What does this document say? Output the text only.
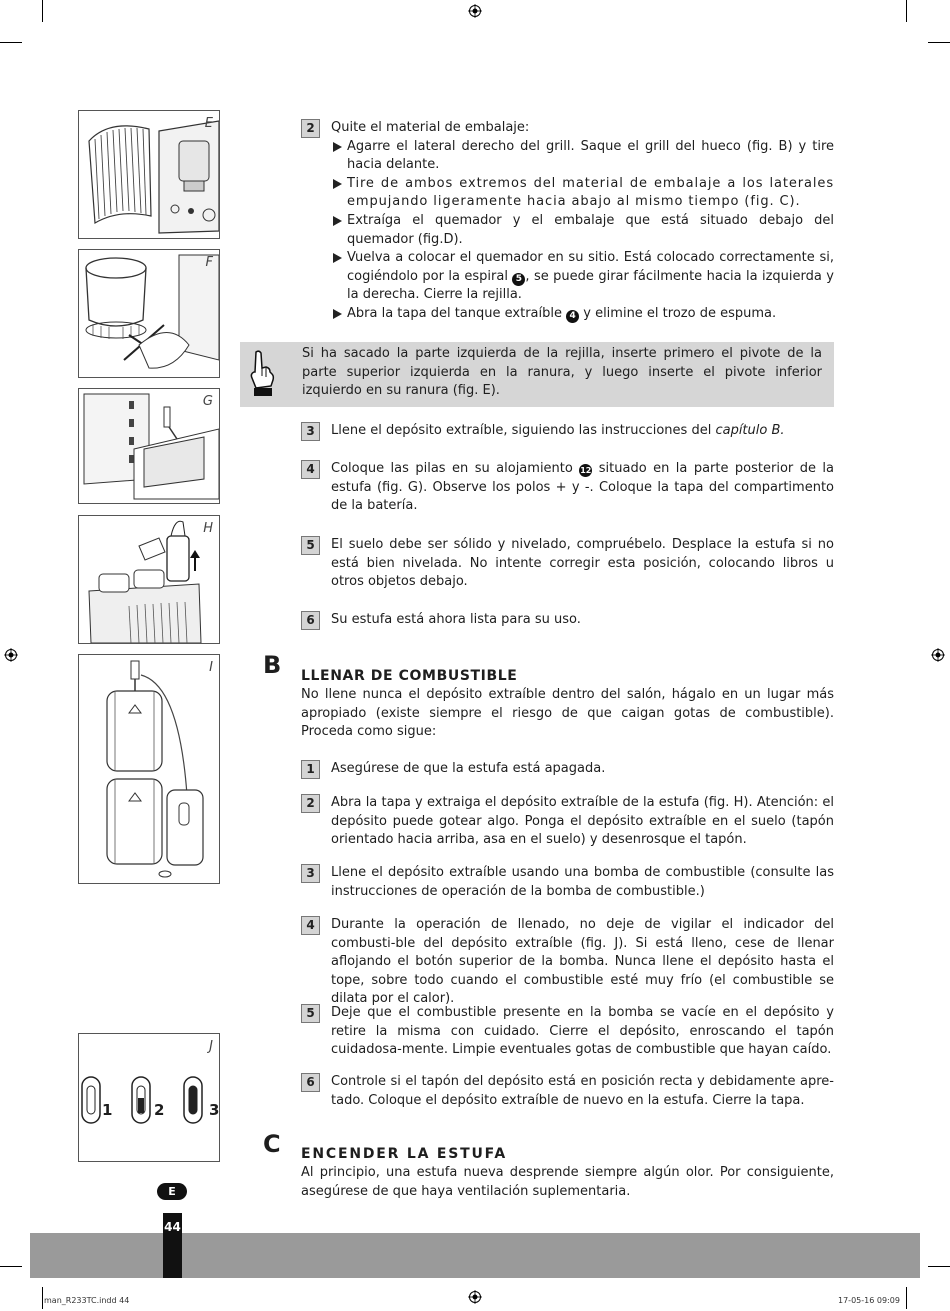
E
F
G
H
I
1	2	3
J
2	Quite el material de embalaje:
Agarre el lateral derecho del grill. Saque el grill del hueco (fig. B) y tire hacia delante.
Tire de ambos extremos del material de embalaje a los laterales empujando ligeramente hacia abajo al mismo tiempo (fig. C).
Extraíga el quemador y el embalaje que está situado debajo del quemador (fig.D).
Vuelva a colocar el quemador en su sitio. Está colocado correctamente si, cogiéndolo por la espiral 5 , se puede girar fácilmente hacia la izquierda y la derecha. Cierre la rejilla.
Abra la tapa del tanque extraíble 4 y elimine el trozo de espuma.
Si ha sacado la parte izquierda de la rejilla, inserte primero el pivote de la parte superior izquierda en la ranura, y luego inserte el pivote inferior izquierdo en su ranura (fig. E).
3	Llene el depósito extraíble, siguiendo las instrucciones del capítulo B.
4	Coloque las pilas en su alojamiento 12 situado en la parte posterior de la estufa (fig. G). Observe los polos + y -. Coloque la tapa del compartimento de la batería.
5	El suelo debe ser sólido y nivelado, compruébelo. Desplace la estufa si no está bien nivelada. No intente corregir esta posición, colocando libros u otros objetos debajo.
6	Su estufa está ahora lista para su uso.
B LLENAR DE COMBUSTIBLE
No llene nunca el depósito extraíble dentro del salón, hágalo en un lugar más apropiado (existe siempre el riesgo de que caigan gotas de combustible). Proceda como sigue:
1	Asegúrese de que la estufa está apagada.
2	Abra la tapa y extraiga el depósito extraíble de la estufa (fig. H). Atención: el depósito puede gotear algo. Ponga el depósito extraíble en el suelo (tapón orientado hacia arriba, asa en el suelo) y desenrosque el tapón.
3	Llene el depósito extraíble usando una bomba de combustible (consulte las instrucciones de operación de la bomba de combustible.)
4	Durante la operación de llenado, no deje de vigilar el indicador del combusti-ble del depósito extraíble (fig. J). Si está lleno, cese de llenar aflojando el botón superior de la bomba. Nunca llene el depósito hasta el tope, sobre todo cuando el combustible esté muy frío (el combustible se dilata por el calor).
5	Deje que el combustible presente en la bomba se vacíe en el depósito y retire la misma con cuidado. Cierre el depósito, enroscando el tapón cuidadosa-mente. Limpie eventuales gotas de combustible que hayan caído.
6	Controle si el tapón del depósito está en posición recta y debidamente apre-tado. Coloque el depósito extraíble de nuevo en la estufa. Cierre la tapa.
C ENCENDER LA ESTUFA
Al principio, una estufa nueva desprende siempre algún olor. Por consiguiente, asegúrese de que haya ventilación suplementaria.
E
44
man_R233TC.indd 44	17-05-16 09:09
